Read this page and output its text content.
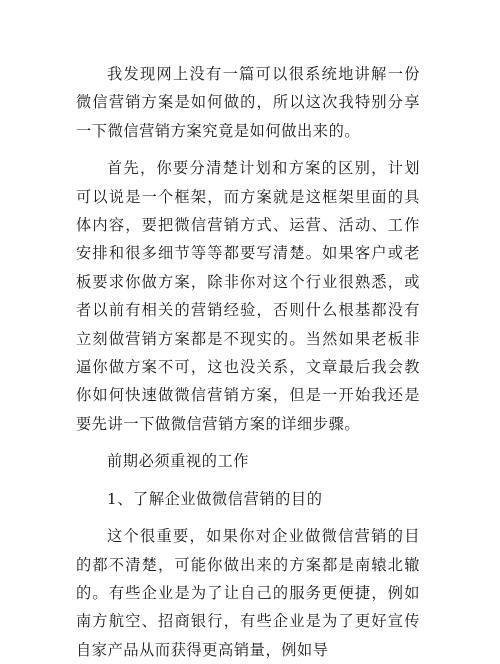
我发现网上没有一篇可以很系统地讲解一份微信营销方案是如何做的，所以这次我特别分享一下微信营销方案究竟是如何做出来的。

首先，你要分清楚计划和方案的区别，计划可以说是一个框架，而方案就是这框架里面的具体内容，要把微信营销方式、运营、活动、工作安排和很多细节等等都要写清楚。如果客户或老板要求你做方案，除非你对这个行业很熟悉，或者以前有相关的营销经验，否则什么根基都没有立刻做营销方案都是不现实的。当然如果老板非逼你做方案不可，这也没关系，文章最后我会教你如何快速做微信营销方案，但是一开始我还是要先讲一下做微信营销方案的详细步骤。

前期必须重视的工作

1、了解企业做微信营销的目的

这个很重要，如果你对企业做微信营销的目的都不清楚，可能你做出来的方案都是南辕北辙的。有些企业是为了让自己的服务更便捷，例如南方航空、招商银行，有些企业是为了更好宣传自家产品从而获得更高销量，例如导
